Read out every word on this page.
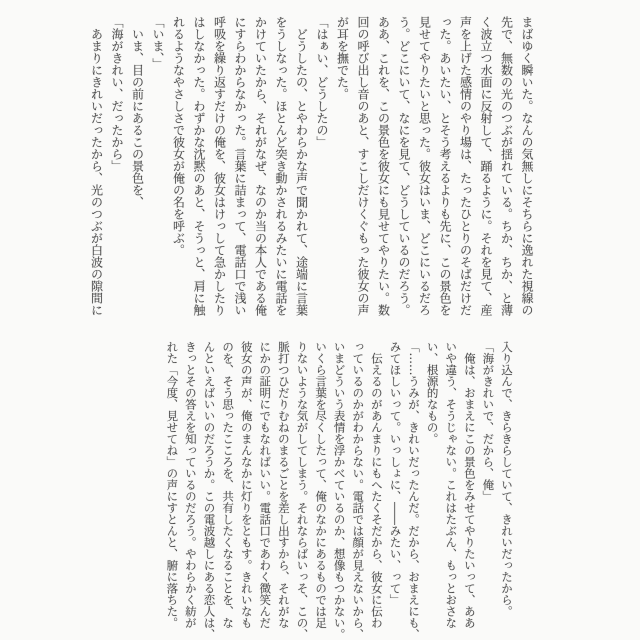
まばゆく瞬いた。なんの気無しにそちらに逸れた視線の
先で、無数の光のつぶが揺れている。ちか、ちか、と薄
く波立つ水面に反射して、踊るように。それを見て、産
声を上げた感情のやり場は、たったひとりのそばだけだ
った。あいたい、とそう考えるよりも先に、この景色を
見せてやりたいと思った。彼女はいま、どこにいるだろ
う。どこにいて、なにを見て、どうしているのだろう。
ああ、これを、この景色を彼女にも見せてやりたい。数
回の呼び出し音のあと、すこしだけくぐもった彼女の声
が耳を撫でた。
「はぁい、どうしたの」
　どうしたの、とやわらかな声で聞かれて、途端に言葉
をうしなった。ほとんど突き動かされるみたいに電話を
かけていたから、それがなぜ、なのか当の本人である俺
にすらわからなかった。言葉に詰まって、電話口で浅い
呼吸を繰り返すだけの俺を、彼女はけっして急かしたり
はしなかった。わずかな沈黙のあと、そうっと、肩に触
れるようなやさしさで彼女が俺の名を呼ぶ。
「いま、」
　いま、目の前にあるこの景色を、
「海がきれい、だったから」
　あまりにきれいだったから、光のつぶが白波の隙間に
入り込んで、きらきらしていて、きれいだったから。
「海がきれいで、だから、俺」
　俺は、おまえにこの景色をみせてやりたいって、ああ
いや違う、そうじゃない。これはたぶん、もっとおさな
い、根源的なもの。
「……うみが、きれいだったんだ。だから、おまえにも、
みてほしいって。いっしょに、――みたい、って」
　伝えるのがあんまりにもへたくそだから、彼女に伝わ
っているのかがわからない。電話では顔が見えないから、
いまどういう表情を浮かべているのか、想像もつかない。
いくら言葉を尽くしたって、俺のなかにあるものでは足
りないような気がしてしまう。それならばいっそ、この、
脈打つひだりむねのまるごとを差し出すから、それがな
にかの証明にでもなればいい。電話口であわく微笑んだ
彼女の声が、俺のまんなかに灯りをともす。きれいなも
のを、そう思ったこころを、共有したくなることを、な
んといえばいいのだろうか。この電波越しにある恋人は、
きっとその答えを知っているのだろう。やわらかく紡が
れた「今度、見せてね」の声にすとんと、腑に落ちた。
